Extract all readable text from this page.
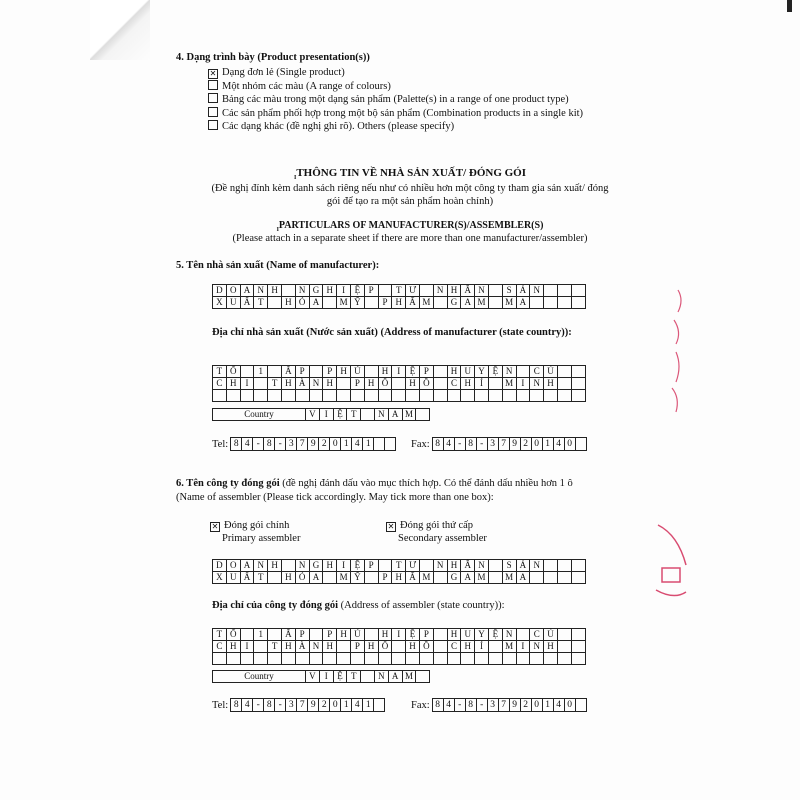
4. Dạng trình bày (Product presentation(s))
✕ Dạng đơn lẻ (Single product)
Một nhóm các màu (A range of colours)
Bảng các màu trong một dạng sản phẩm (Palette(s) in a range of one product type)
Các sản phẩm phối hợp trong một bộ sản phẩm (Combination products in a single kit)
Các dạng khác (đề nghị ghi rõ). Others (please specify)
$_I$THÔNG TIN VỀ NHÀ SẢN XUẤT/ ĐÓNG GÓI
(Đề nghị đính kèm danh sách riêng nếu như có nhiều hơn một công ty tham gia sản xuất/ đóng
gói để tạo ra một sản phẩm hoàn chỉnh)
$_I$PARTICULARS OF MANUFACTURER(S)/ASSEMBLER(S)
(Please attach in a separate sheet if there are more than one manufacturer/assembler)
5. Tên nhà sản xuất (Name of manufacturer):
D	O	A	N	H		N	G	H	I	Ệ	P		T	Ư		N	H	Â	N		S	Ả	N			
X	U	Ấ	T		H	Ó	A		M	Ỹ		P	H	Ẩ	M		G	A	M		M	A				
Địa chỉ nhà sản xuất (Nước sản xuất) (Address of manufacturer (state country)):
T	Ổ		1		Ấ	P		P	H	Ú		H	I	Ệ	P		H	U	Y	Ệ	N		C	Ủ		
C	H	I		T	H	À	N	H		P	H	Ố		H	Ồ		C	H	Í		M	I	N	H		

Country	V	I	Ệ	T		N	A	M	
Tel: 8	4	-	8	-	3	7	9	2	0	1	4	1			Fax: 8	4	-	8	-	3	7	9	2	0	1	4	0	
6. Tên công ty đóng gói (đề nghị đánh dấu vào mục thích hợp. Có thể đánh dấu nhiều hơn 1 ô
(Name of assembler (Please tick accordingly. May tick more than one box):
✕ Đóng gói chính
Primary assembler
✕ Đóng gói thứ cấp
Secondary assembler
D	O	A	N	H		N	G	H	I	Ệ	P		T	Ư		N	H	Â	N		S	Ả	N			
X	U	Ấ	T		H	Ó	A		M	Ỹ		P	H	Ẩ	M		G	A	M		M	A				
Địa chỉ của công ty đóng gói (Address of assembler (state country)):
T	Ổ		1		Ấ	P		P	H	Ú		H	I	Ệ	P		H	U	Y	Ệ	N		C	Ủ		
C	H	I		T	H	À	N	H		P	H	Ố		H	Ồ		C	H	Í		M	I	N	H		

Country	V	I	Ệ	T		N	A	M	
Tel: 8	4	-	8	-	3	7	9	2	0	1	4	1		Fax: 8	4	-	8	-	3	7	9	2	0	1	4	0	
